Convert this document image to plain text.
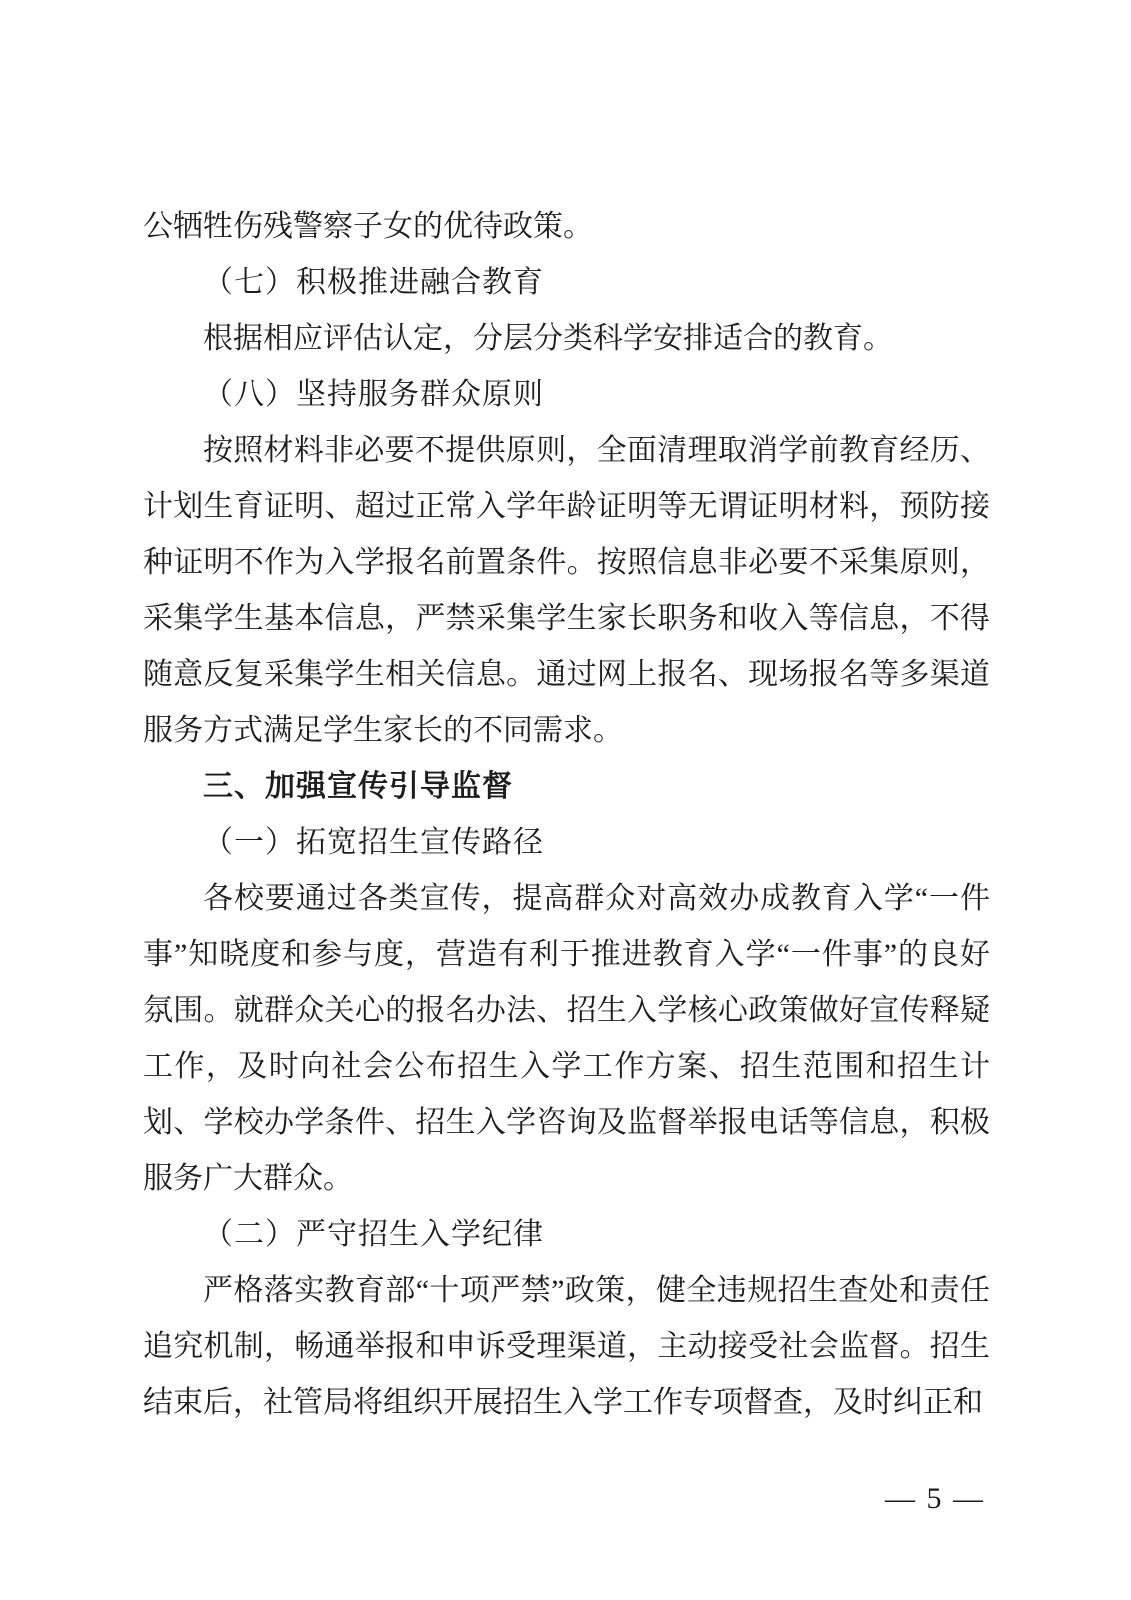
公牺牲伤残警察子女的优待政策。

（七）积极推进融合教育

根据相应评估认定，分层分类科学安排适合的教育。

（八）坚持服务群众原则

按照材料非必要不提供原则，全面清理取消学前教育经历、计划生育证明、超过正常入学年龄证明等无谓证明材料，预防接种证明不作为入学报名前置条件。按照信息非必要不采集原则，采集学生基本信息，严禁采集学生家长职务和收入等信息，不得随意反复采集学生相关信息。通过网上报名、现场报名等多渠道服务方式满足学生家长的不同需求。

三、加强宣传引导监督

（一）拓宽招生宣传路径

各校要通过各类宣传，提高群众对高效办成教育入学“一件事”知晓度和参与度，营造有利于推进教育入学“一件事”的良好氛围。就群众关心的报名办法、招生入学核心政策做好宣传释疑工作，及时向社会公布招生入学工作方案、招生范围和招生计划、学校办学条件、招生入学咨询及监督举报电话等信息，积极服务广大群众。

（二）严守招生入学纪律

严格落实教育部“十项严禁”政策，健全违规招生查处和责任追究机制，畅通举报和申诉受理渠道，主动接受社会监督。招生结束后，社管局将组织开展招生入学工作专项督查，及时纠正和

— 5 —
